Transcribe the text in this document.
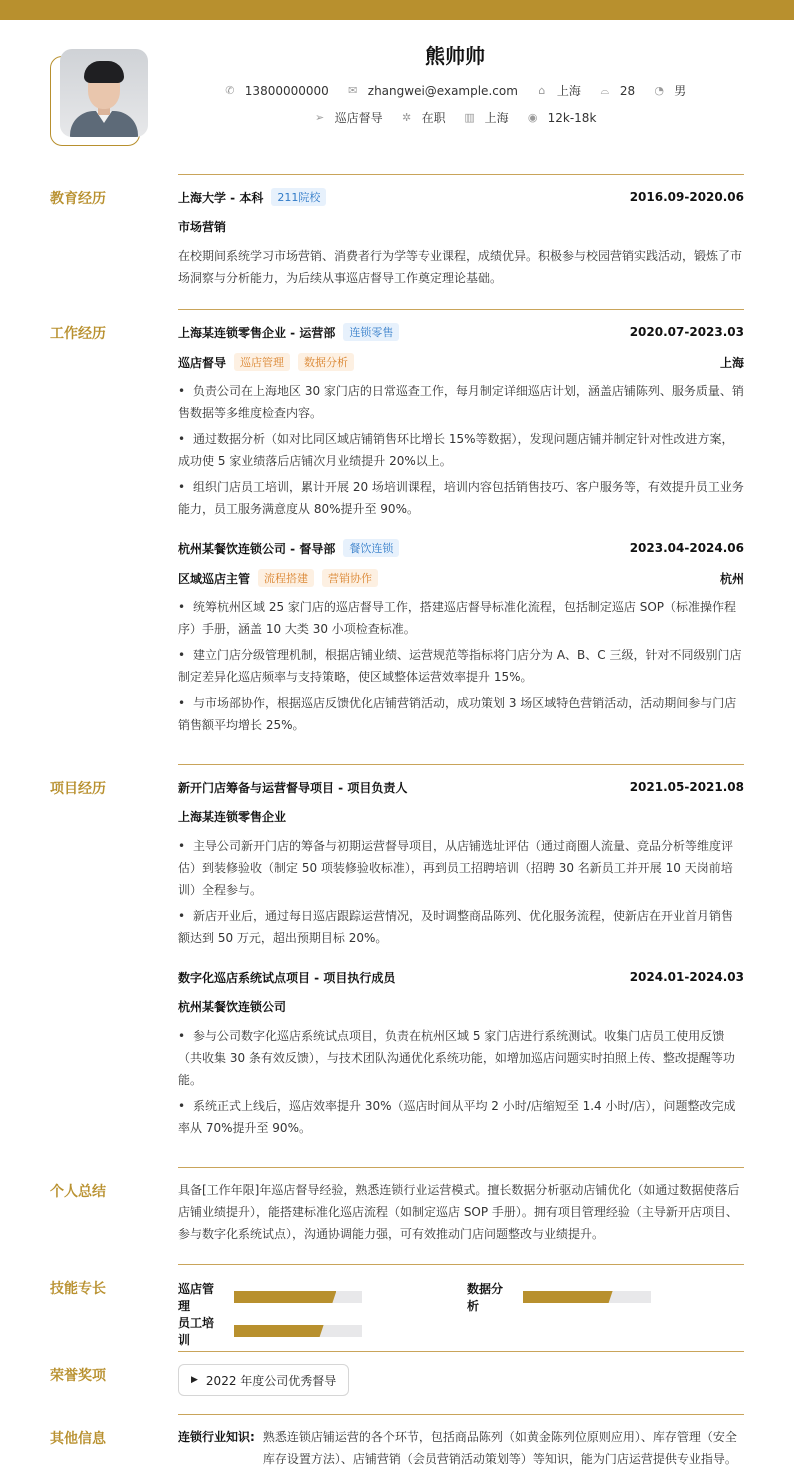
熊帅帅
✆ 13800000000 ✉ zhangwei@example.com ⌂ 上海 ⌓ 28 ◔ 男
➢ 巡店督导 ✲ 在职 ▥ 上海 ◉ 12k-18k
教育经历	上海大学 - 本科	211院校	2016.09-2020.06
市场营销
在校期间系统学习市场营销、消费者行为学等专业课程，成绩优异。积极参与校园营销实践活动，锻炼了市场洞察与分析能力，为后续从事巡店督导工作奠定理论基础。
工作经历	上海某连锁零售企业 - 运营部	连锁零售	2020.07-2023.03
巡店督导	巡店管理	数据分析	上海
• 负责公司在上海地区 30 家门店的日常巡查工作，每月制定详细巡店计划，涵盖店铺陈列、服务质量、销售数据等多维度检查内容。
• 通过数据分析（如对比同区域店铺销售环比增长 15%等数据），发现问题店铺并制定针对性改进方案，成功使 5 家业绩落后店铺次月业绩提升 20%以上。
• 组织门店员工培训，累计开展 20 场培训课程，培训内容包括销售技巧、客户服务等，有效提升员工业务能力，员工服务满意度从 80%提升至 90%。
杭州某餐饮连锁公司 - 督导部	餐饮连锁	2023.04-2024.06
区域巡店主管	流程搭建	营销协作	杭州
• 统筹杭州区域 25 家门店的巡店督导工作，搭建巡店督导标准化流程，包括制定巡店 SOP（标准操作程序）手册，涵盖 10 大类 30 小项检查标准。
• 建立门店分级管理机制，根据店铺业绩、运营规范等指标将门店分为 A、B、C 三级，针对不同级别门店制定差异化巡店频率与支持策略，使区域整体运营效率提升 15%。
• 与市场部协作，根据巡店反馈优化店铺营销活动，成功策划 3 场区域特色营销活动，活动期间参与门店销售额平均增长 25%。
项目经历	新开门店筹备与运营督导项目 - 项目负责人	2021.05-2021.08
上海某连锁零售企业
• 主导公司新开门店的筹备与初期运营督导项目，从店铺选址评估（通过商圈人流量、竞品分析等维度评估）到装修验收（制定 50 项装修验收标准），再到员工招聘培训（招聘 30 名新员工并开展 10 天岗前培训）全程参与。
• 新店开业后，通过每日巡店跟踪运营情况，及时调整商品陈列、优化服务流程，使新店在开业首月销售额达到 50 万元，超出预期目标 20%。
数字化巡店系统试点项目 - 项目执行成员	2024.01-2024.03
杭州某餐饮连锁公司
• 参与公司数字化巡店系统试点项目，负责在杭州区域 5 家门店进行系统测试。收集门店员工使用反馈（共收集 30 条有效反馈），与技术团队沟通优化系统功能，如增加巡店问题实时拍照上传、整改提醒等功能。
• 系统正式上线后，巡店效率提升 30%（巡店时间从平均 2 小时/店缩短至 1.4 小时/店），问题整改完成率从 70%提升至 90%。
个人总结	具备[工作年限]年巡店督导经验，熟悉连锁行业运营模式。擅长数据分析驱动店铺优化（如通过数据使落后店铺业绩提升），能搭建标准化巡店流程（如制定巡店 SOP 手册）。拥有项目管理经验（主导新开店项目、参与数字化系统试点），沟通协调能力强，可有效推动门店问题整改与业绩提升。
技能专长	巡店管理
数据分析
员工培训
荣誉奖项	▶ 2022 年度公司优秀督导
其他信息	连锁行业知识: 熟悉连锁店铺运营的各个环节，包括商品陈列（如黄金陈列位原则应用）、库存管理（安全库存设置方法）、店铺营销（会员营销活动策划等）等知识，能为门店运营提供专业指导。
